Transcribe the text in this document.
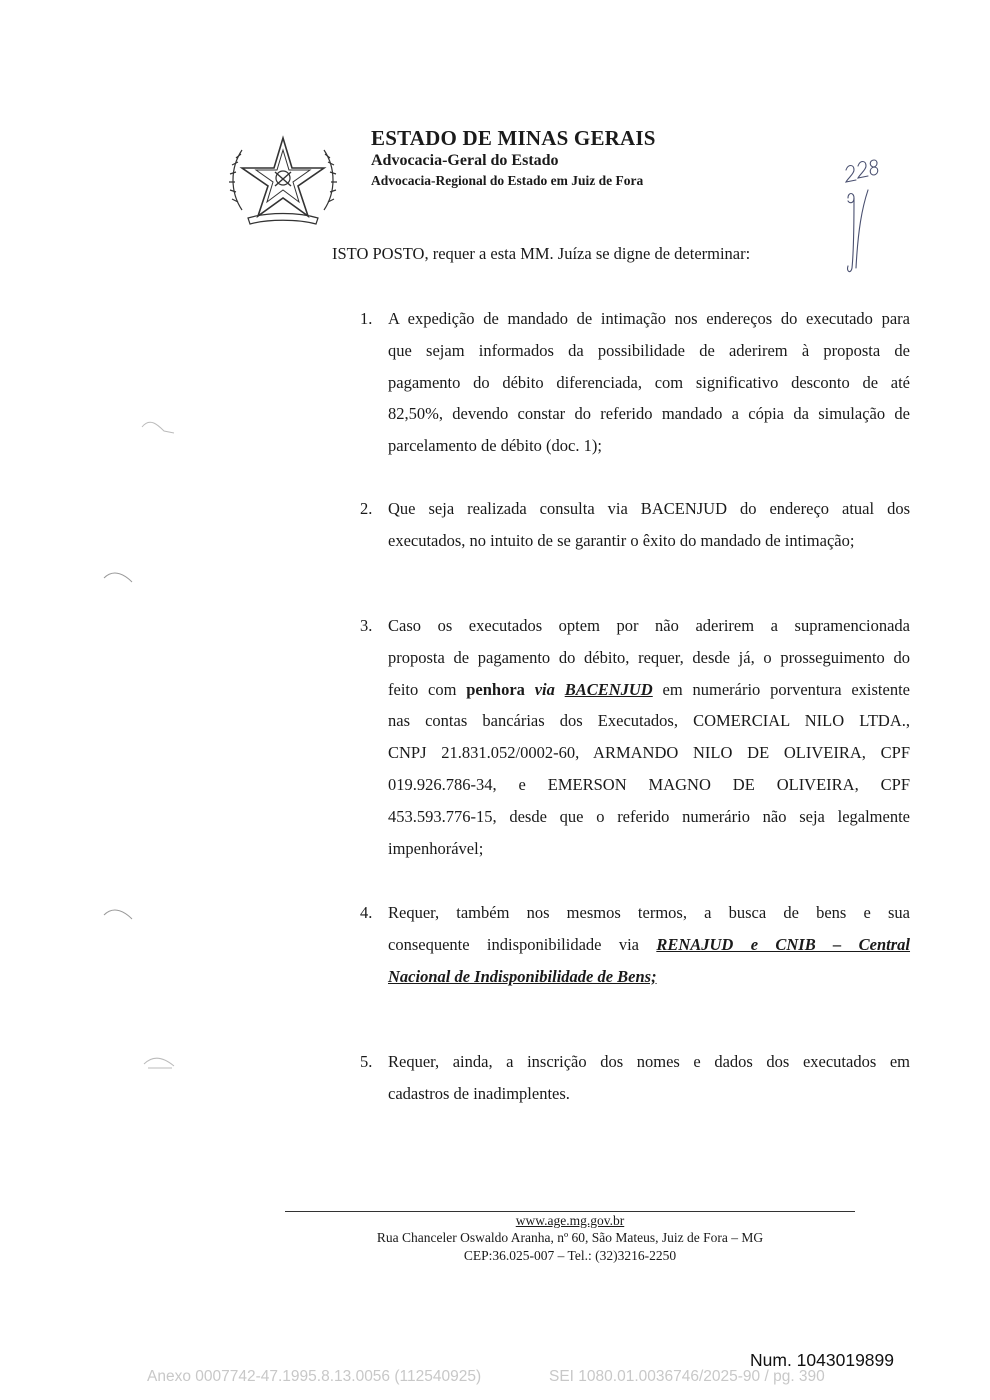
ESTADO DE MINAS GERAIS
Advocacia-Geral do Estado
Advocacia-Regional do Estado em Juiz de Fora
ISTO POSTO, requer a esta MM. Juíza se digne de determinar:
1. A expedição de mandado de intimação nos endereços do executado para
que sejam informados da possibilidade de aderirem à proposta de
pagamento do débito diferenciada, com significativo desconto de até
82,50%, devendo constar do referido mandado a cópia da simulação de
parcelamento de débito (doc. 1);
2. Que seja realizada consulta via BACENJUD do endereço atual dos
executados, no intuito de se garantir o êxito do mandado de intimação;
3. Caso os executados optem por não aderirem a supramencionada
proposta de pagamento do débito, requer, desde já, o prosseguimento do
feito com penhora via BACENJUD em numerário porventura existente
nas contas bancárias dos Executados, COMERCIAL NILO LTDA.,
CNPJ 21.831.052/0002-60, ARMANDO NILO DE OLIVEIRA, CPF
019.926.786-34, e EMERSON MAGNO DE OLIVEIRA, CPF
453.593.776-15, desde que o referido numerário não seja legalmente
impenhorável;
4. Requer, também nos mesmos termos, a busca de bens e sua
consequente indisponibilidade via RENAJUD e CNIB – Central
Nacional de Indisponibilidade de Bens;
5. Requer, ainda, a inscrição dos nomes e dados dos executados em
cadastros de inadimplentes.
www.age.mg.gov.br
Rua Chanceler Oswaldo Aranha, nº 60, São Mateus, Juiz de Fora – MG
CEP:36.025-007 – Tel.: (32)3216-2250
Num. 1043019899
Anexo 0007742-47.1995.8.13.0056 (112540925)	SEI 1080.01.0036746/2025-90 / pg. 390
